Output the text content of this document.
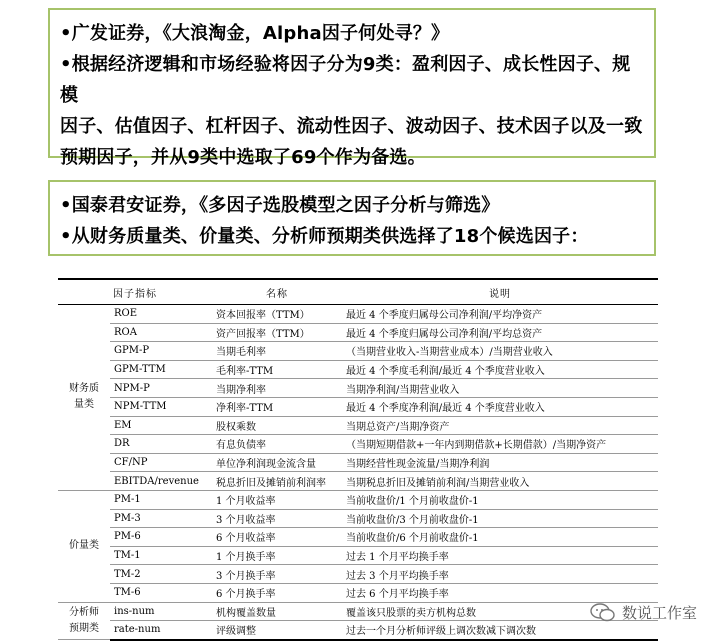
•广发证券，《大浪淘金，Alpha因子何处寻？》
•根据经济逻辑和市场经验将因子分为9类：盈利因子、成长性因子、规模
因子、估值因子、杠杆因子、流动性因子、波动因子、技术因子以及一致
预期因子，并从9类中选取了69个作为备选。
•国泰君安证券，《多因子选股模型之因子分析与筛选》
•从财务质量类、价量类、分析师预期类供选择了18个候选因子：
因子指标		名称	说明
财务质
量类	ROE	资本回报率（TTM）	最近 4 个季度归属母公司净利润/平均净资产
	ROA	资产回报率（TTM）	最近 4 个季度归属母公司净利润/平均总资产
	GPM-P	当期毛利率	（当期营业收入-当期营业成本）/当期营业收入
	GPM-TTM	毛利率-TTM	最近 4 个季度毛利润/最近 4 个季度营业收入
	NPM-P	当期净利率	当期净利润/当期营业收入
	NPM-TTM	净利率-TTM	最近 4 个季度净利润/最近 4 个季度营业收入
	EM	股权乘数	当期总资产/当期净资产
	DR	有息负债率	（当期短期借款+一年内到期借款+长期借款）/当期净资产
	CF/NP	单位净利润现金流含量	当期经营性现金流量/当期净利润
	EBITDA/revenue	税息折旧及摊销前利润率	当期税息折旧及摊销前利润/当期营业收入
价量类	PM-1	1 个月收益率	当前收盘价/1 个月前收盘价-1
	PM-3	3 个月收益率	当前收盘价/3 个月前收盘价-1
	PM-6	6 个月收益率	当前收盘价/6 个月前收盘价-1
	TM-1	1 个月换手率	过去 1 个月平均换手率
	TM-2	3 个月换手率	过去 3 个月平均换手率
	TM-6	6 个月换手率	过去 6 个月平均换手率
分析师
预期类	ins-num	机构覆盖数量	覆盖该只股票的卖方机构总数
	rate-num	评级调整	过去一个月分析师评级上调次数减下调次数
数说工作室
